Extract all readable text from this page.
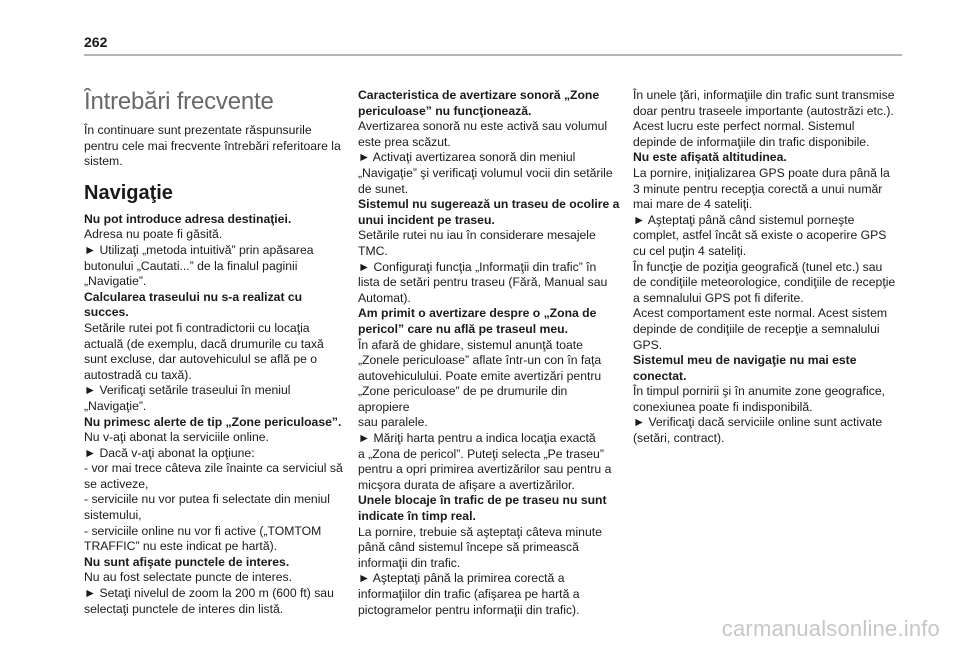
262
Întrebări frecvente

În continuare sunt prezentate răspunsurile
pentru cele mai frecvente întrebări referitoare la
sistem.

Navigaţie

Nu pot introduce adresa destinaţiei.

Adresa nu poate fi găsită.
► Utilizaţi „metoda intuitivă” prin apăsarea
butonului „Cautati...” de la finalul paginii
„Navigatie”.

Calcularea traseului nu s-a realizat cu
succes.

Setările rutei pot fi contradictorii cu locaţia
actuală (de exemplu, dacă drumurile cu taxă
sunt excluse, dar autovehiculul se află pe o
autostradă cu taxă).
► Verificaţi setările traseului în meniul
„Navigaţie”.

Nu primesc alerte de tip „Zone periculoase”.

Nu v-aţi abonat la serviciile online.
► Dacă v-aţi abonat la opţiune:
- vor mai trece câteva zile înainte ca serviciul să
se activeze,
- serviciile nu vor putea fi selectate din meniul
sistemului,
- serviciile online nu vor fi active („TOMTOM
TRAFFIC” nu este indicat pe hartă).

Nu sunt afişate punctele de interes.

Nu au fost selectate puncte de interes.
► Setaţi nivelul de zoom la 200 m (600 ft) sau
selectaţi punctele de interes din listă.

Caracteristica de avertizare sonoră „Zone
periculoase” nu funcţionează.

Avertizarea sonoră nu este activă sau volumul
este prea scăzut.
► Activaţi avertizarea sonoră din meniul
„Navigaţie” şi verificaţi volumul vocii din setările
de sunet.

Sistemul nu sugerează un traseu de ocolire a
unui incident pe traseu.

Setările rutei nu iau în considerare mesajele
TMC.
► Configuraţi funcţia „Informaţii din trafic” în
lista de setări pentru traseu (Fără, Manual sau
Automat).

Am primit o avertizare despre o „Zona de
pericol” care nu află pe traseul meu.

În afară de ghidare, sistemul anunţă toate
„Zonele periculoase” aflate într-un con în faţa
autovehiculului. Poate emite avertizări pentru
„Zone periculoase” de pe drumurile din apropiere
sau paralele.
► Măriţi harta pentru a indica locaţia exactă
a „Zona de pericol”. Puteţi selecta „Pe traseu”
pentru a opri primirea avertizărilor sau pentru a
micşora durata de afişare a avertizărilor.

Unele blocaje în trafic de pe traseu nu sunt
indicate în timp real.

La pornire, trebuie să aşteptaţi câteva minute
până când sistemul începe să primească
informaţii din trafic.
► Aşteptaţi până la primirea corectă a
informaţiilor din trafic (afişarea pe hartă a
pictogramelor pentru informaţii din trafic).

În unele ţări, informaţiile din trafic sunt transmise
doar pentru traseele importante (autostrăzi etc.).
Acest lucru este perfect normal. Sistemul
depinde de informaţiile din trafic disponibile.

Nu este afişată altitudinea.

La pornire, iniţializarea GPS poate dura până la
3 minute pentru recepţia corectă a unui număr
mai mare de 4 sateliţi.
► Aşteptaţi până când sistemul porneşte
complet, astfel încât să existe o acoperire GPS
cu cel puţin 4 sateliţi.
În funcţie de poziţia geografică (tunel etc.) sau
de condiţiile meteorologice, condiţiile de recepţie
a semnalului GPS pot fi diferite.
Acest comportament este normal. Acest sistem
depinde de condiţiile de recepţie a semnalului
GPS.

Sistemul meu de navigaţie nu mai este
conectat.

În timpul pornirii şi în anumite zone geografice,
conexiunea poate fi indisponibilă.
► Verificaţi dacă serviciile online sunt activate
(setări, contract).

carmanualsonline.info
